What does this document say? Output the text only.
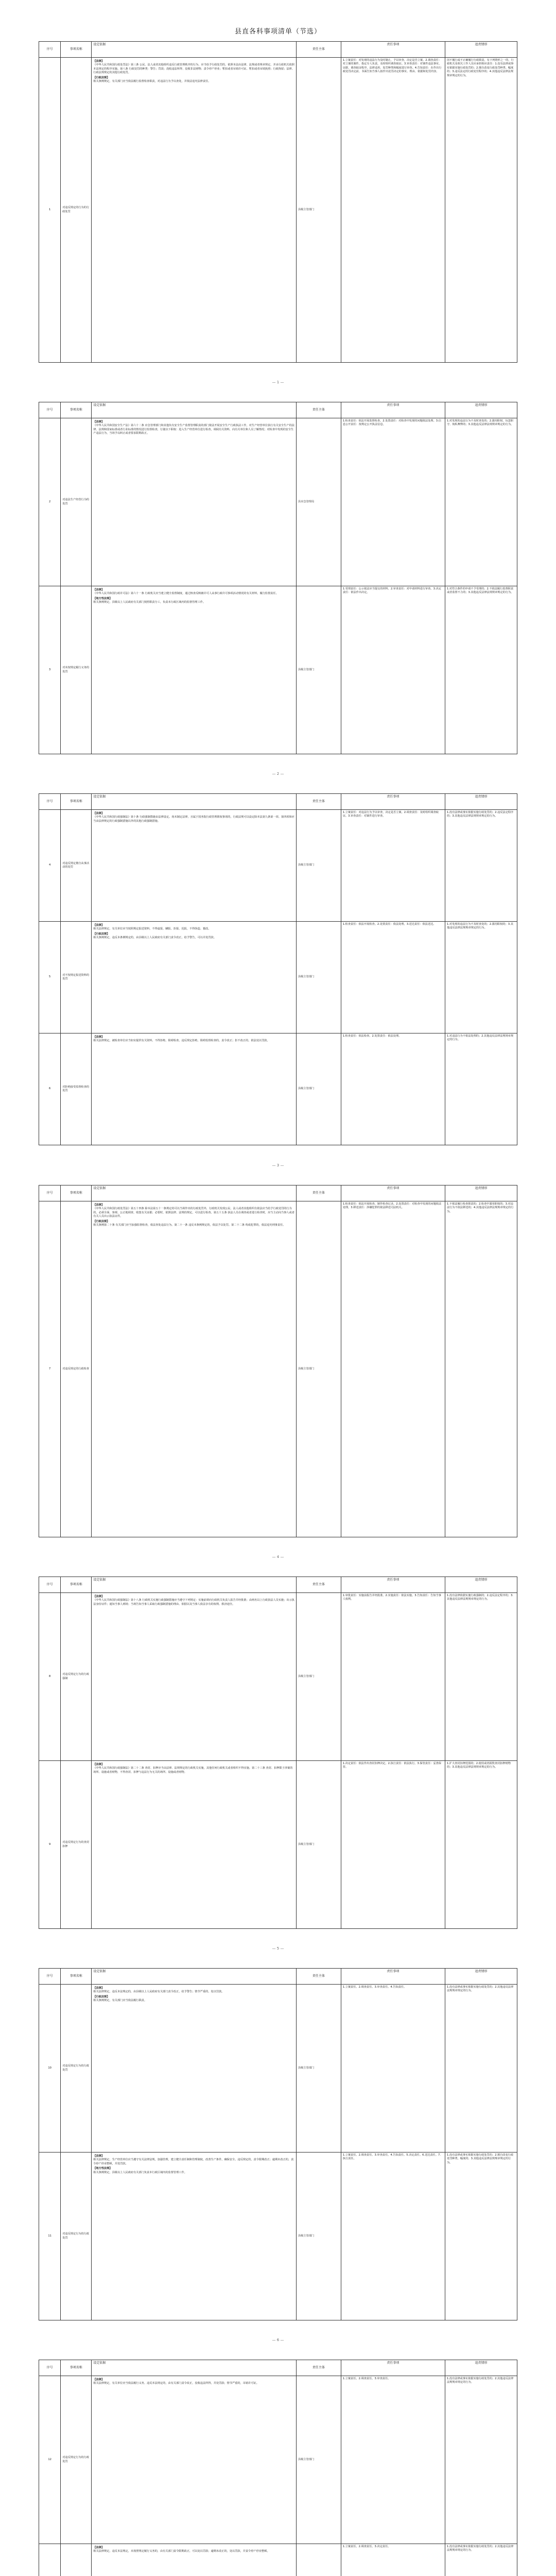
县直各科事项清单（节选）
序号	事项名称	设定依据	责任主体	责任事项	追责情形
1	对违反规定的行为的行政处罚	【法律】
《中华人民共和国行政处罚法》第三条 公民、法人或者其他组织违反行政管理秩序的行为，应当给予行政处罚的，依照本法由法律、法规或者规章规定，并由行政机关依照本法规定的程序实施。第八条 行政处罚的种类：警告；罚款；没收违法所得、没收非法财物；责令停产停业；暂扣或者吊销许可证、暂扣或者吊销执照；行政拘留；法律、行政法规规定的其他行政处罚。
【行政法规】
相关条例规定，有关部门应当依法履行监督检查职责，对违法行为予以查处，并依法追究法律责任。	县级主管部门	1.立案责任：对发现的违法行为及时制止，予以审查，决定是否立案。2.调查责任：对立案的案件，指定专人负责，及时组织调查取证。3.审查责任：对案件违法事实、证据、调查取证程序、法律适用、处罚种类和幅度进行审查。4.告知责任：在作出行政处罚决定前，书面告知当事人拟作出处罚决定的事实、理由、依据和处罚内容。	因不履行或不正确履行行政职责，有下列情形之一的，行政机关及相关工作人员应承担相应责任：1.没有法律或事实依据实施行政处罚的；2.擅自改变行政处罚种类、幅度的；3.违反法定的行政处罚程序的；4.其他违反法律法规规章规定的行为。
— 1 —
序号	事项名称	设定依据	责任主体	责任事项	追责情形
2	对违法生产经营行为的处罚	【法律】
《中华人民共和国安全生产法》第六十二条 应急管理部门和其他负有安全生产监督管理职责的部门依法开展安全生产行政执法工作，对生产经营单位执行有关安全生产的法律、法规和国家标准或者行业标准的情况进行监督检查，行使以下职权：进入生产经营单位进行检查，调阅有关资料，向有关单位和人员了解情况；对检查中发现的安全生产违法行为，当场予以纠正或者要求限期改正。	县应急管理局	1.检查责任：依法开展监督检查。2.处置责任：对检查中发现的问题依法处理。3.信息公开责任：按规定公开执法信息。	1.对发现的违法行为不及时查处的；2.滥用职权、玩忽职守、徇私舞弊的；3.其他违反法律法规规章规定的行为。
3	对未按规定履行义务的处罚	【法律】
《中华人民共和国行政许可法》第六十一条 行政机关应当建立健全监督制度，通过核查反映被许可人从事行政许可事项活动情况的有关材料，履行监督责任。
【地方性法规】
相关条例规定，县级以上人民政府有关部门按照职责分工，负责本行政区域内的监督管理工作。	县级主管部门	1.受理责任：公示依法应当提交的材料。2.审查责任：对申请材料进行审查。3.决定责任：依法作出决定。	1.对符合条件的申请不予受理的；2.不依法履行监督职责或者监督不力的；3.其他违反法律法规规章规定的行为。
— 2 —
序号	事项名称	设定依据	责任主体	责任事项	追责情形
4	对违反规定擅自从事活动的处罚	【法律】
《中华人民共和国行政强制法》第十条 行政强制措施由法律设定。尚未制定法律，且属于国务院行政管理职权事项的，行政法规可以设定除本法第九条第一项、第四项和应当由法律规定的行政强制措施以外的其他行政强制措施。	县级主管部门	1.立案责任：对违法行为予以审查，决定是否立案。2.调查责任：及时组织调查取证。3.审查责任：对案件进行审查。	1.没有法律或事实依据实施行政处罚的；2.违反法定程序的；3.其他违反法律法规规章规定的行为。
5	对不按规定报送资料的处罚	【法律】
相关法律规定，有关单位应当按照规定报送资料，不得虚报、瞒报、拒报、迟报，不得伪造、篡改。
【行政法规】
相关条例规定，违反本条例规定的，由县级以上人民政府有关部门责令改正，给予警告，可以并处罚款。	县级主管部门	1.检查责任：依法开展检查。2.处置责任：依法处理。3.送达责任：依法送达。	1.对发现的违法行为不及时查处的；2.滥用职权的；3.其他违反法律法规规章规定的行为。
6	对拒绝接受监督检查的处罚	【法律】
相关法律规定，被检查单位应当如实提供有关资料，不得拒绝、阻碍检查。违反规定拒绝、阻碍监督检查的，责令改正；拒不改正的，依法处以罚款。	县级主管部门	1.检查责任：依法检查。2.处置责任：依法处理。	1.对违法行为不依法处理的；2.其他违反法律法规规章规定的行为。
— 3 —
序号	事项名称	设定依据	责任主体	责任事项	追责情形
7	对违反规定的行政检查	【法律】
《中华人民共和国行政处罚法》第五十四条 除本法第五十一条规定的可以当场作出的行政处罚外，行政机关发现公民、法人或者其他组织有依法应当给予行政处罚的行为的，必须全面、客观、公正地调查，收集有关证据；必要时，依照法律、法规的规定，可以进行检查。第五十五条 执法人员在调查或者进行检查时，应当主动向当事人或者有关人员出示执法证件。
【行政法规】
相关条例第二十条 有关部门应当加强监督检查，依法查处违法行为。第二十一条 违反本条例规定的，依法予以处罚。第二十二条 构成犯罪的，依法追究刑事责任。	县级主管部门	1.检查责任：依法开展检查，制作检查记录。2.处置责任：对检查中发现的问题依法处理。3.移送责任：涉嫌犯罪的依法移送司法机关。	1.不依法履行检查职责的；2.检查中滥用职权的；3.对违法行为不依法移送的；4.其他违反法律法规规章规定的行为。
— 4 —
序号	事项名称	设定依据	责任主体	责任事项	追责情形
8	对违反规定行为的行政强制	【法律】
《中华人民共和国行政强制法》第十八条 行政机关实施行政强制措施应当遵守下列规定：实施前须向行政机关负责人报告并经批准；由两名以上行政执法人员实施；出示执法身份证件；通知当事人到场；当场告知当事人采取行政强制措施的理由、依据以及当事人依法享有的权利、救济途径。	县级主管部门	1.审批责任：实施前报告并经批准。2.实施责任：依法实施。3.告知责任：告知当事人权利。	1.没有法律依据实施行政强制的；2.违反法定程序的；3.其他违反法律法规规章规定的行为。
9	对违反规定行为的查封扣押	【法律】
《中华人民共和国行政强制法》第二十二条 查封、扣押应当由法律、法规规定的行政机关实施，其他任何行政机关或者组织不得实施。第二十三条 查封、扣押限于涉案的场所、设施或者财物，不得查封、扣押与违法行为无关的场所、设施或者财物。	县级主管部门	1.决定责任：依法作出查封扣押决定。2.执行责任：依法执行。3.保管责任：妥善保管。	1.扩大查封扣押范围的；2.使用或者损毁查封扣押财物的；3.其他违反法律法规规章规定的行为。
— 5 —
序号	事项名称	设定依据	责任主体	责任事项	追责情形
10	对违反规定行为的行政处罚	【法律】
相关法律规定，违反本法规定的，由县级以上人民政府有关部门责令改正，给予警告；情节严重的，处以罚款。
【行政法规】
相关条例规定，有关部门应当依法履行职责。	县级主管部门	1.立案责任。2.调查责任。3.审查责任。4.告知责任。	1.没有法律或事实依据实施行政处罚的；2.其他违反法律法规规章规定的行为。
11	对违反规定行为的行政处罚	【法律】
相关法律规定，生产经营单位应当遵守有关法律法规，加强管理，建立健全责任制和管理制度，改善生产条件，确保安全。违反规定的，责令限期改正；逾期未改正的，责令停产停业整顿，并处罚款。
【地方性法规】
相关条例规定，县级以上人民政府有关部门负责本行政区域内的监督管理工作。	县级主管部门	1.立案责任。2.调查责任。3.审查责任。4.告知责任。5.决定责任。6.送达责任。7.执行责任。	1.没有法律或事实依据实施行政处罚的；2.擅自改变行政处罚种类、幅度的；3.其他违反法律法规规章规定的行为。
— 6 —
序号	事项名称	设定依据	责任主体	责任事项	追责情形
12	对违反规定行为的行政处罚	【法律】
相关法律规定，有关单位应当依法履行义务。违反本法规定的，由有关部门责令改正，没收违法所得，并处罚款；情节严重的，吊销许可证。	县级主管部门	1.立案责任。2.调查责任。3.审查责任。	1.没有法律或事实依据实施行政处罚的；2.其他违反法律法规规章规定的行为。

【法律】
相关法律规定，违反本法规定，未按照规定履行义务的，由有关部门责令限期改正，可以处以罚款；逾期未改正的，处以罚款，并责令停产停业整顿。		1.立案责任。2.调查责任。3.决定责任。	1.没有法律或事实依据实施行政处罚的；2.其他违反法律法规规章规定的行为。
